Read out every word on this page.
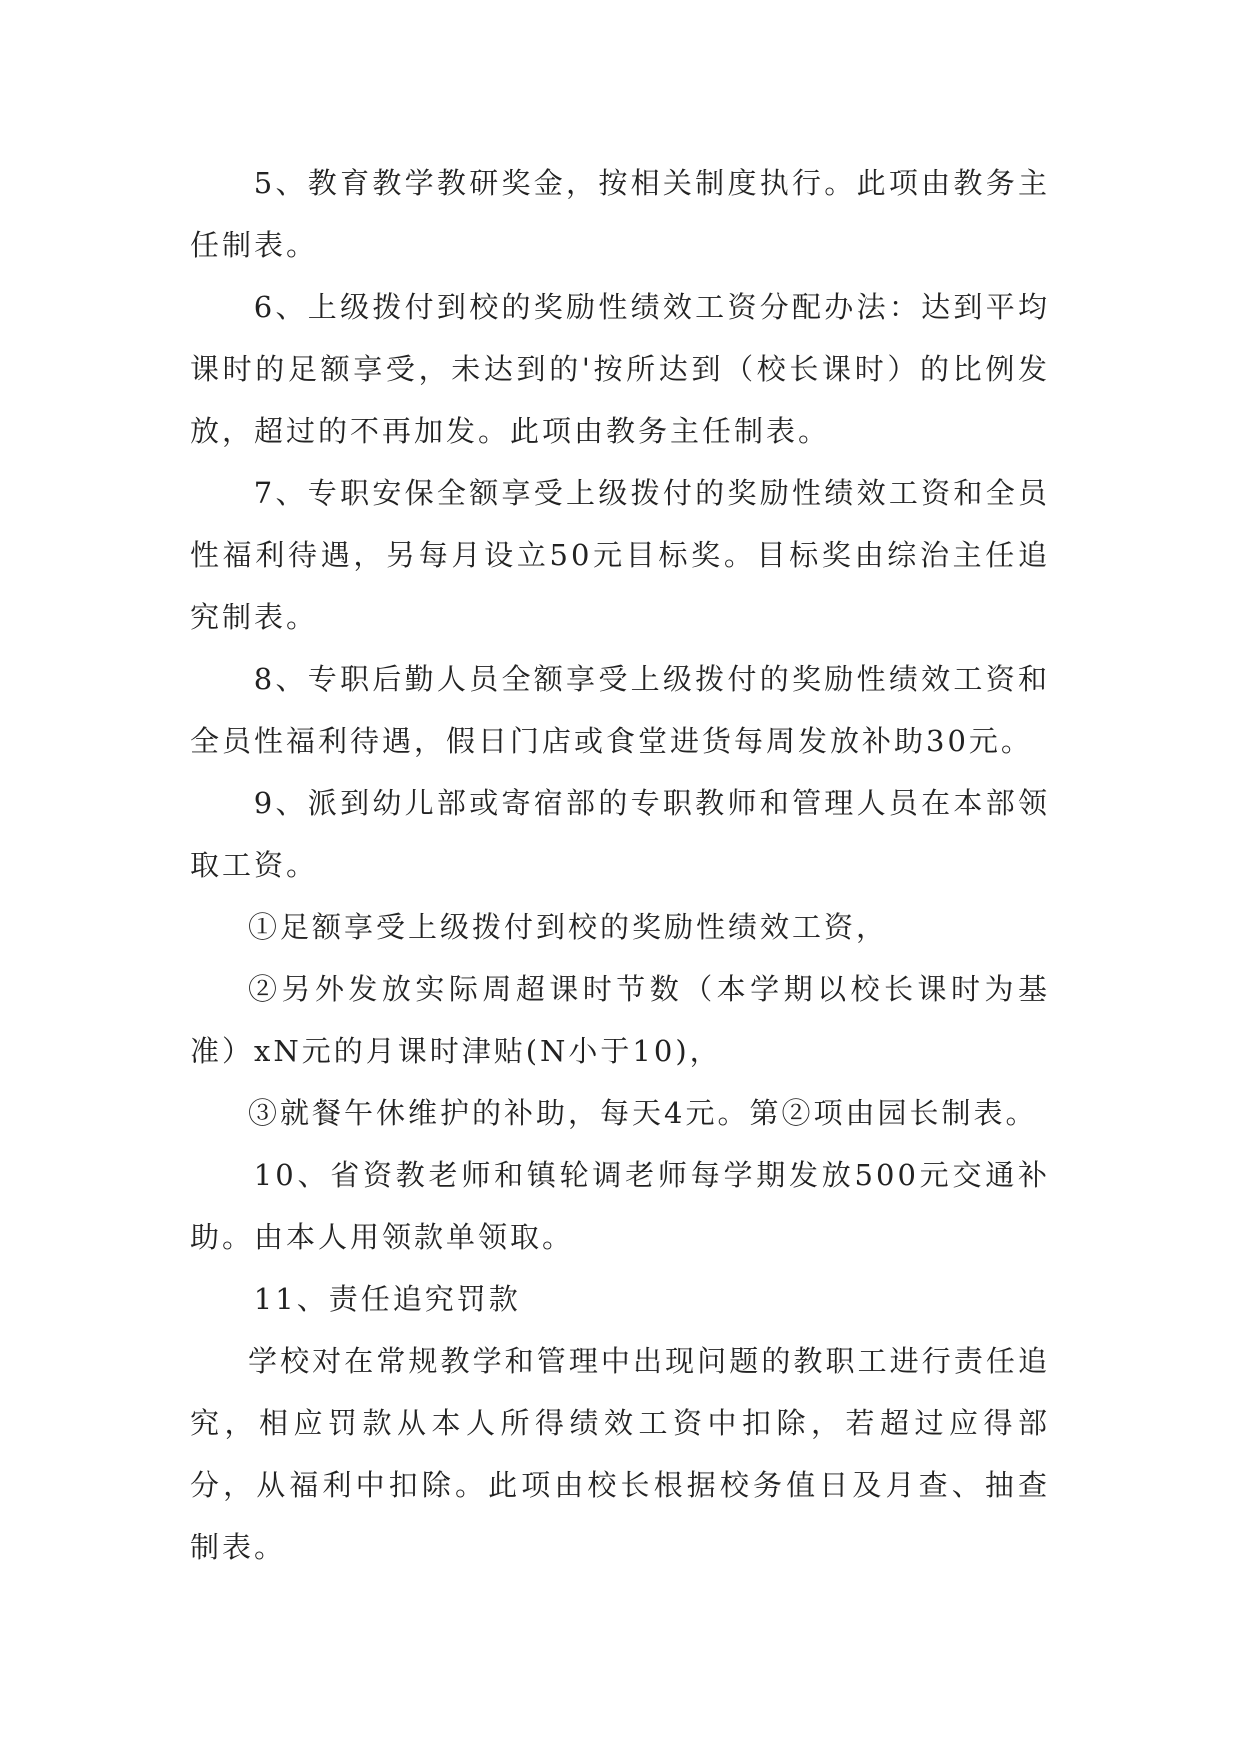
5、教育教学教研奖金，按相关制度执行。此项由教务主任制表。

6、上级拨付到校的奖励性绩效工资分配办法：达到平均课时的足额享受，未达到的'按所达到（校长课时）的比例发放，超过的不再加发。此项由教务主任制表。

7、专职安保全额享受上级拨付的奖励性绩效工资和全员性福利待遇，另每月设立50元目标奖。目标奖由综治主任追究制表。

8、专职后勤人员全额享受上级拨付的奖励性绩效工资和全员性福利待遇，假日门店或食堂进货每周发放补助30元。

9、派到幼儿部或寄宿部的专职教师和管理人员在本部领取工资。

①足额享受上级拨付到校的奖励性绩效工资，

②另外发放实际周超课时节数（本学期以校长课时为基准）xN元的月课时津贴(N小于10)，

③就餐午休维护的补助，每天4元。第②项由园长制表。

10、省资教老师和镇轮调老师每学期发放500元交通补助。由本人用领款单领取。

11、责任追究罚款

学校对在常规教学和管理中出现问题的教职工进行责任追究，相应罚款从本人所得绩效工资中扣除，若超过应得部分，从福利中扣除。此项由校长根据校务值日及月查、抽查制表。
